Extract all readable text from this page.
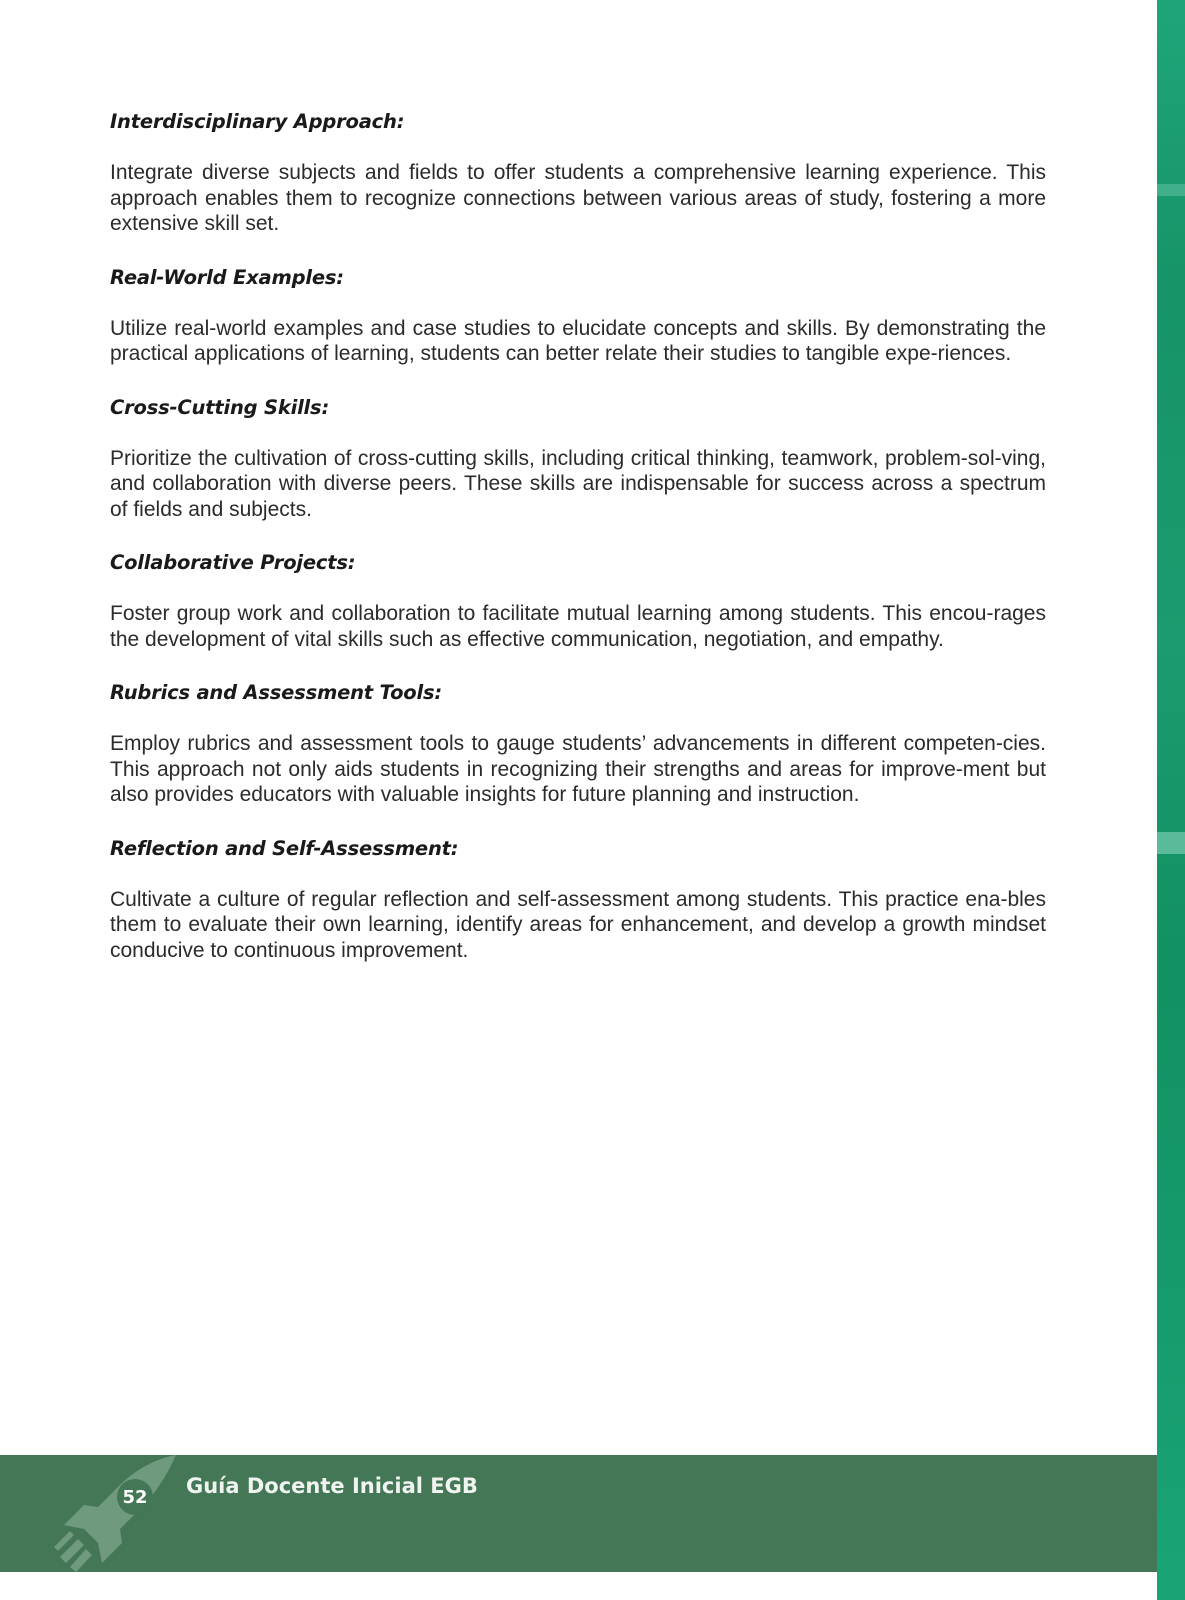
Interdisciplinary Approach:

Integrate diverse subjects and fields to offer students a comprehensive learning experience. This approach enables them to recognize connections between various areas of study, fostering a more extensive skill set.

Real-World Examples:

Utilize real-world examples and case studies to elucidate concepts and skills. By demonstrating the practical applications of learning, students can better relate their studies to tangible expe-riences.

Cross-Cutting Skills:

Prioritize the cultivation of cross-cutting skills, including critical thinking, teamwork, problem-sol-ving, and collaboration with diverse peers. These skills are indispensable for success across a spectrum of fields and subjects.

Collaborative Projects:

Foster group work and collaboration to facilitate mutual learning among students. This encou-rages the development of vital skills such as effective communication, negotiation, and empathy.

Rubrics and Assessment Tools:

Employ rubrics and assessment tools to gauge students’ advancements in different competen-cies. This approach not only aids students in recognizing their strengths and areas for improve-ment but also provides educators with valuable insights for future planning and instruction.

Reflection and Self-Assessment:

Cultivate a culture of regular reflection and self-assessment among students. This practice ena-bles them to evaluate their own learning, identify areas for enhancement, and develop a growth mindset conducive to continuous improvement.

52 Guía Docente Inicial EGB
